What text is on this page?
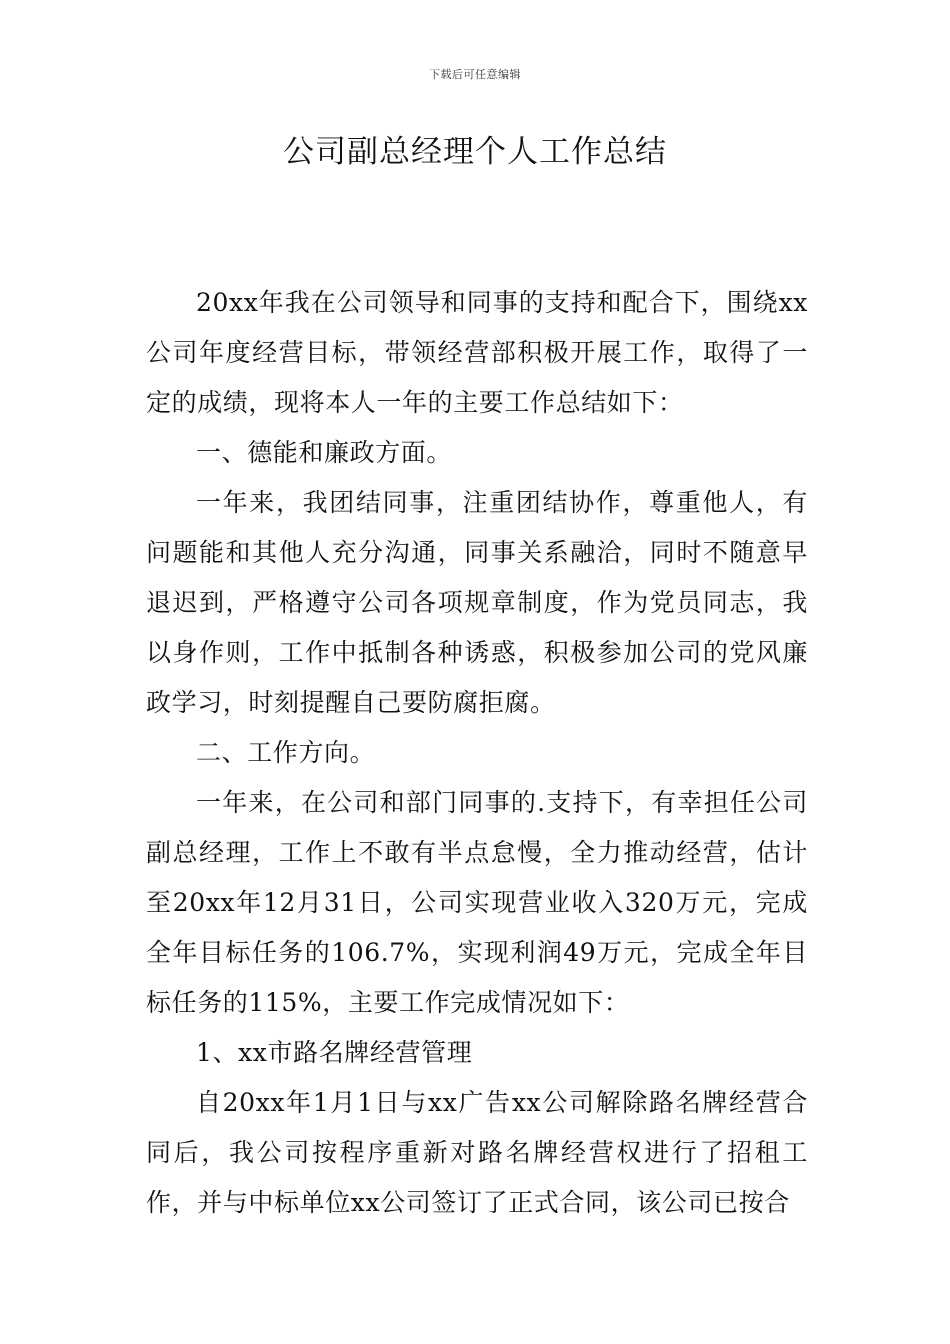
下载后可任意编辑
公司副总经理个人工作总结

20xx年我在公司领导和同事的支持和配合下，围绕xx公司年度经营目标，带领经营部积极开展工作，取得了一定的成绩，现将本人一年的主要工作总结如下：

一、德能和廉政方面。

一年来，我团结同事，注重团结协作，尊重他人，有问题能和其他人充分沟通，同事关系融洽，同时不随意早退迟到，严格遵守公司各项规章制度，作为党员同志，我以身作则，工作中抵制各种诱惑，积极参加公司的党风廉政学习，时刻提醒自己要防腐拒腐。

二、工作方向。

一年来，在公司和部门同事的.支持下，有幸担任公司副总经理，工作上不敢有半点怠慢，全力推动经营，估计至20xx年12月31日，公司实现营业收入320万元，完成全年目标任务的106.7%，实现利润49万元，完成全年目标任务的115%，主要工作完成情况如下：

1、xx市路名牌经营管理

自20xx年1月1日与xx广告xx公司解除路名牌经营合同后，我公司按程序重新对路名牌经营权进行了招租工作，并与中标单位xx公司签订了正式合同，该公司已按合
